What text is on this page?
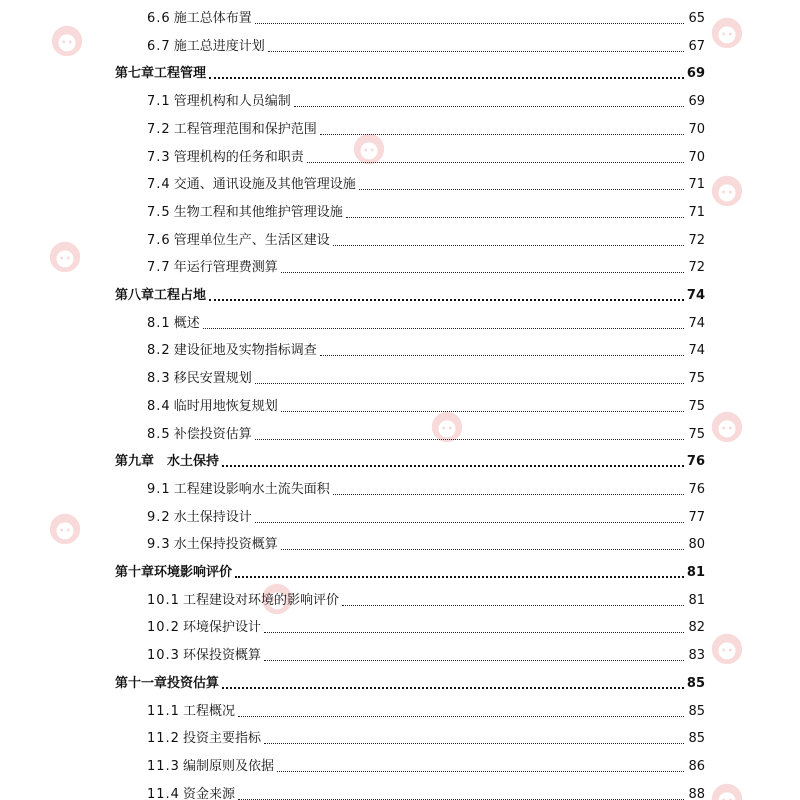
6.6 施工总体布置	65
6.7 施工总进度计划	67
第七章工程管理	69
7.1 管理机构和人员编制	69
7.2 工程管理范围和保护范围	70
7.3 管理机构的任务和职责	70
7.4 交通、通讯设施及其他管理设施	71
7.5 生物工程和其他维护管理设施	71
7.6 管理单位生产、生活区建设	72
7.7 年运行管理费测算	72
第八章工程占地	74
8.1 概述	74
8.2 建设征地及实物指标调查	74
8.3 移民安置规划	75
8.4 临时用地恢复规划	75
8.5 补偿投资估算	75
第九章　水土保持	76
9.1 工程建设影响水土流失面积	76
9.2 水土保持设计	77
9.3 水土保持投资概算	80
第十章环境影响评价	81
10.1 工程建设对环境的影响评价	81
10.2 环境保护设计	82
10.3 环保投资概算	83
第十一章投资估算	85
11.1 工程概况	85
11.2 投资主要指标	85
11.3 编制原则及依据	86
11.4 资金来源	88
